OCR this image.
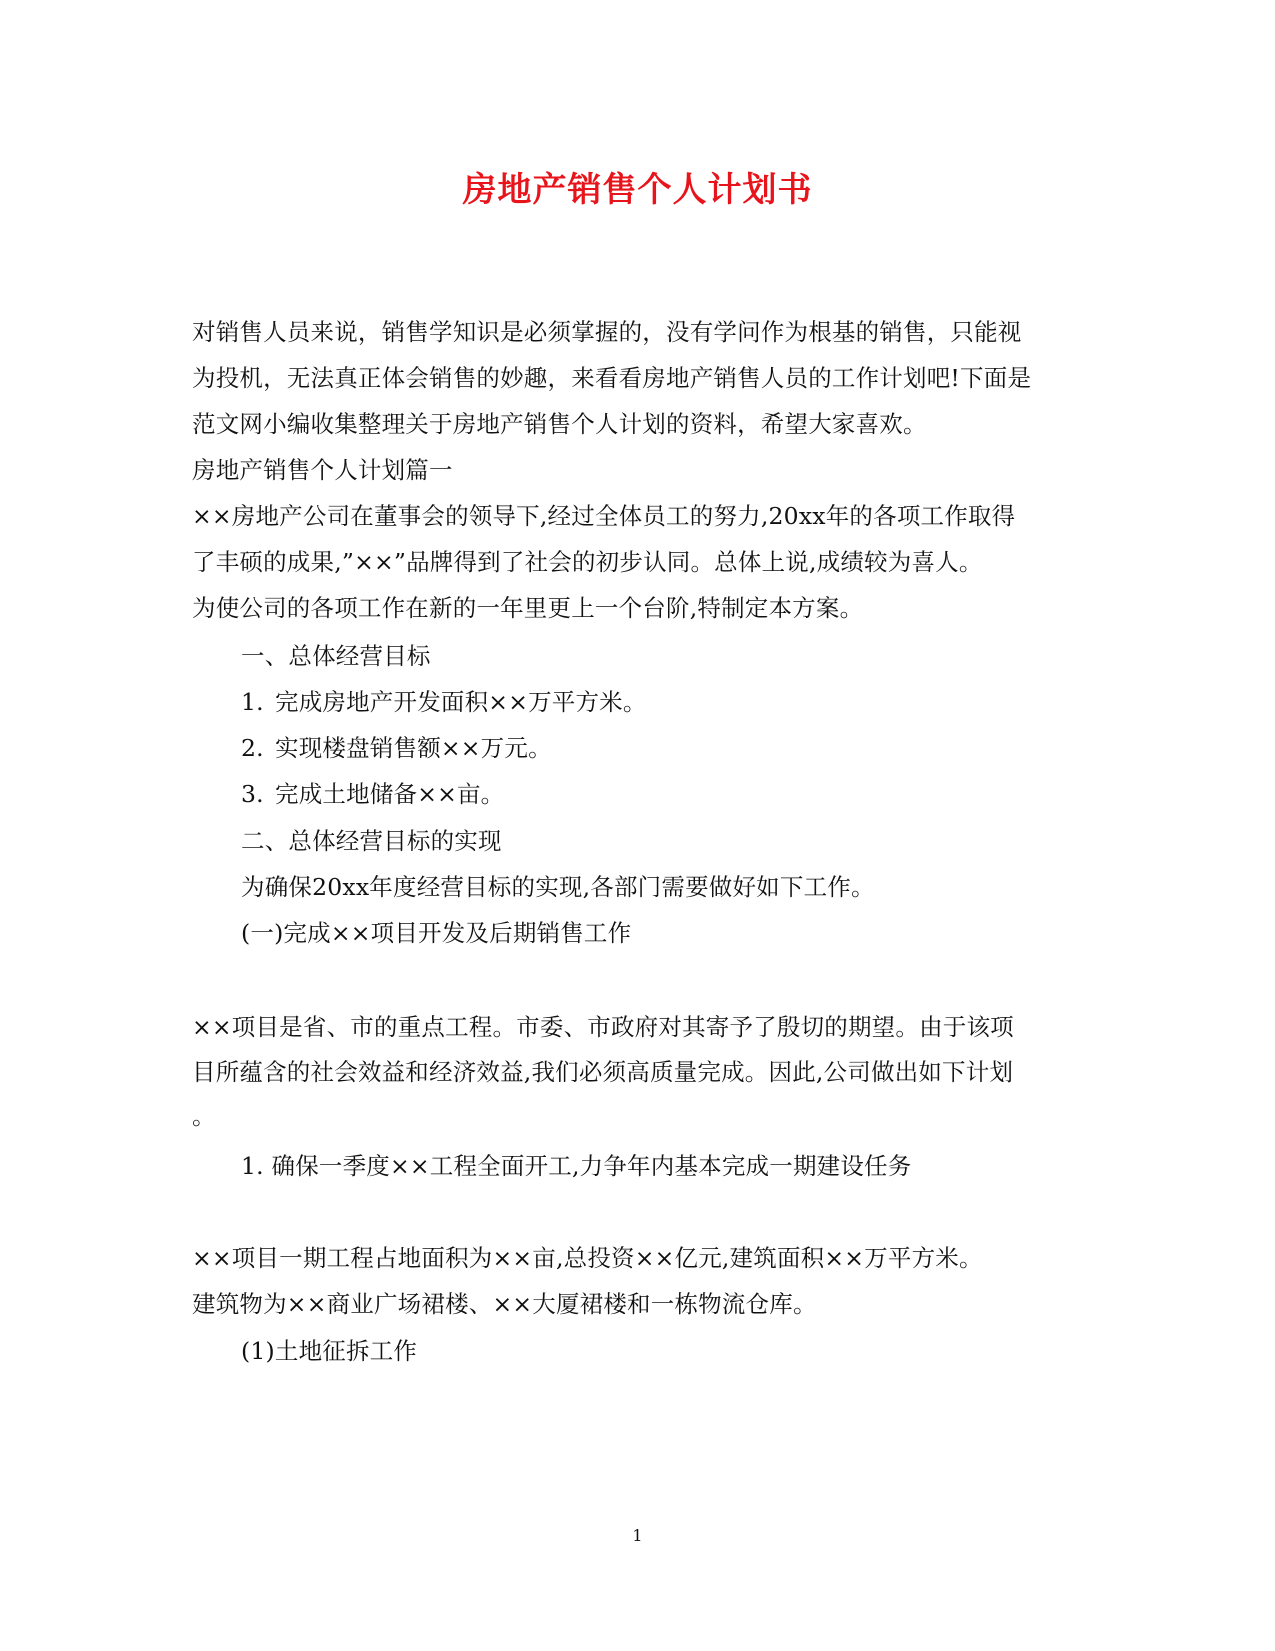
房地产销售个人计划书
对销售人员来说，销售学知识是必须掌握的，没有学问作为根基的销售，只能视
为投机，无法真正体会销售的妙趣，来看看房地产销售人员的工作计划吧!下面是
范文网小编收集整理关于房地产销售个人计划的资料，希望大家喜欢。
房地产销售个人计划篇一
××房地产公司在董事会的领导下,经过全体员工的努力,20xx年的各项工作取得
了丰硕的成果,”××”品牌得到了社会的初步认同。总体上说,成绩较为喜人。
为使公司的各项工作在新的一年里更上一个台阶,特制定本方案。
一、总体经营目标
1. 完成房地产开发面积××万平方米。
2. 实现楼盘销售额××万元。
3. 完成土地储备××亩。
二、总体经营目标的实现
为确保20xx年度经营目标的实现,各部门需要做好如下工作。
(一)完成××项目开发及后期销售工作
××项目是省、市的重点工程。市委、市政府对其寄予了殷切的期望。由于该项
目所蕴含的社会效益和经济效益,我们必须高质量完成。因此,公司做出如下计划
。
1. 确保一季度××工程全面开工,力争年内基本完成一期建设任务
××项目一期工程占地面积为××亩,总投资××亿元,建筑面积××万平方米。
建筑物为××商业广场裙楼、××大厦裙楼和一栋物流仓库。
(1)土地征拆工作
1
